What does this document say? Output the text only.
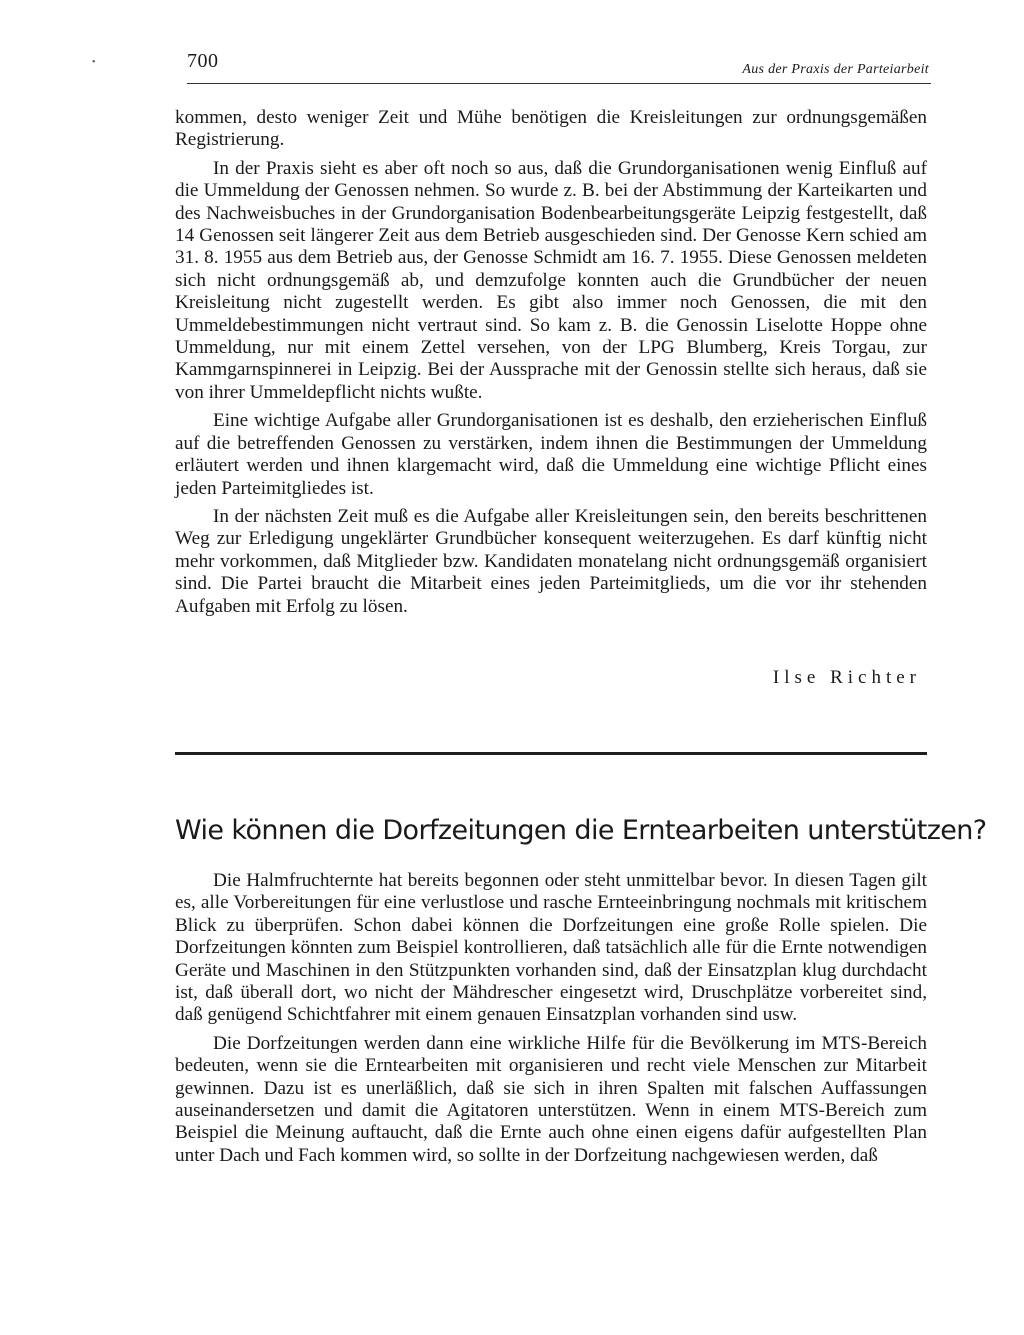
•	700	Aus der Praxis der Parteiarbeit

kommen, desto weniger Zeit und Mühe benötigen die Kreisleitungen zur ordnungsgemäßen Registrierung.

In der Praxis sieht es aber oft noch so aus, daß die Grundorganisationen wenig Einfluß auf die Ummeldung der Genossen nehmen. So wurde z. B. bei der Abstimmung der Karteikarten und des Nachweisbuches in der Grundorganisation Bodenbearbeitungsgeräte Leipzig festgestellt, daß 14 Genossen seit längerer Zeit aus dem Betrieb ausgeschieden sind. Der Genosse Kern schied am 31. 8. 1955 aus dem Betrieb aus, der Genosse Schmidt am 16. 7. 1955. Diese Genossen meldeten sich nicht ordnungsgemäß ab, und demzufolge konnten auch die Grundbücher der neuen Kreisleitung nicht zugestellt werden. Es gibt also immer noch Genossen, die mit den Ummeldebestimmungen nicht vertraut sind. So kam z. B. die Genossin Liselotte Hoppe ohne Ummeldung, nur mit einem Zettel versehen, von der LPG Blumberg, Kreis Torgau, zur Kammgarnspinnerei in Leipzig. Bei der Aussprache mit der Genossin stellte sich heraus, daß sie von ihrer Ummeldepflicht nichts wußte.

Eine wichtige Aufgabe aller Grundorganisationen ist es deshalb, den erzieherischen Einfluß auf die betreffenden Genossen zu verstärken, indem ihnen die Bestimmungen der Ummeldung erläutert werden und ihnen klargemacht wird, daß die Ummeldung eine wichtige Pflicht eines jeden Parteimitgliedes ist.

In der nächsten Zeit muß es die Aufgabe aller Kreisleitungen sein, den bereits beschrittenen Weg zur Erledigung ungeklärter Grundbücher konsequent weiterzugehen. Es darf künftig nicht mehr vorkommen, daß Mitglieder bzw. Kandidaten monatelang nicht ordnungsgemäß organisiert sind. Die Partei braucht die Mitarbeit eines jeden Parteimitglieds, um die vor ihr stehenden Aufgaben mit Erfolg zu lösen.

Ilse Richter
Wie können die Dorfzeitungen die Erntearbeiten unterstützen?

Die Halmfruchternte hat bereits begonnen oder steht unmittelbar bevor. In diesen Tagen gilt es, alle Vorbereitungen für eine verlustlose und rasche Ernteeinbringung nochmals mit kritischem Blick zu überprüfen. Schon dabei können die Dorfzeitungen eine große Rolle spielen. Die Dorfzeitungen könnten zum Beispiel kontrollieren, daß tatsächlich alle für die Ernte notwendigen Geräte und Maschinen in den Stützpunkten vorhanden sind, daß der Einsatzplan klug durchdacht ist, daß überall dort, wo nicht der Mähdrescher eingesetzt wird, Druschplätze vorbereitet sind, daß genügend Schichtfahrer mit einem genauen Einsatzplan vorhanden sind usw.

Die Dorfzeitungen werden dann eine wirkliche Hilfe für die Bevölkerung im MTS-Bereich bedeuten, wenn sie die Erntearbeiten mit organisieren und recht viele Menschen zur Mitarbeit gewinnen. Dazu ist es unerläßlich, daß sie sich in ihren Spalten mit falschen Auffassungen auseinandersetzen und damit die Agitatoren unterstützen. Wenn in einem MTS-Bereich zum Beispiel die Meinung auftaucht, daß die Ernte auch ohne einen eigens dafür aufgestellten Plan unter Dach und Fach kommen wird, so sollte in der Dorfzeitung nachgewiesen werden, daß
